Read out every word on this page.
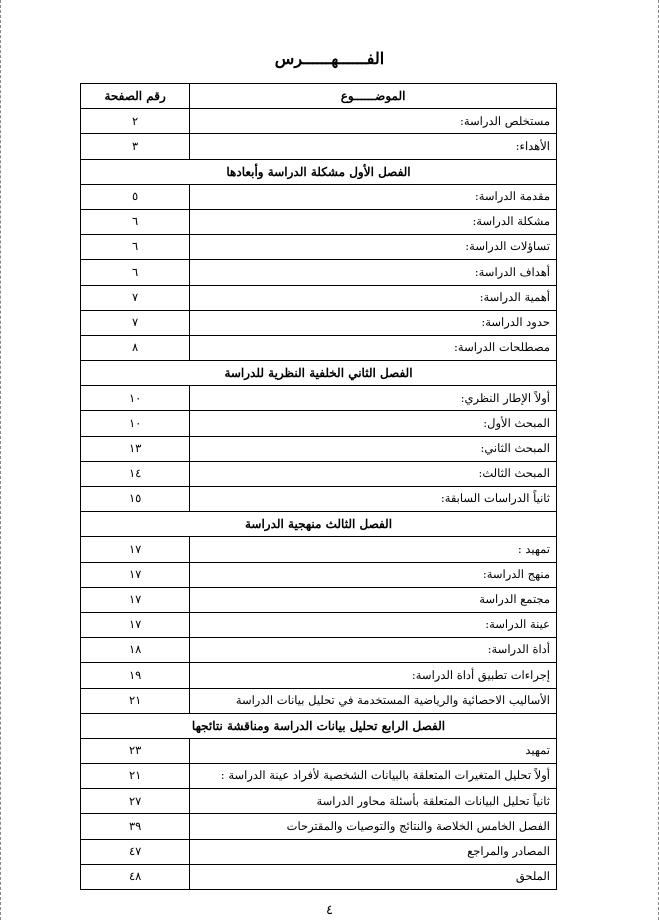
الفــــــهــــــرس
الموضــــــوع	رقم الصفحة
مستخلص الدراسة:	٢
الأهداء:	٣
الفصل الأول مشكلة الدراسة وأبعادها	
مقدمة الدراسة:	٥
مشكلة الدراسة:	٦
تساؤلات الدراسة:	٦
أهداف الدراسة:	٦
أهمية الدراسة:	٧
حدود الدراسة:	٧
مصطلحات الدراسة:	٨
الفصل الثاني الخلفية النظرية للدراسة	
أولاً الإطار النظري:	١٠
المبحث الأول:	١٠
المبحث الثاني:	١٣
المبحث الثالث:	١٤
ثانياً الدراسات السابقة:	١٥
الفصل الثالث منهجية الدراسة	
تمهيد :	١٧
منهج الدراسة:	١٧
مجتمع الدراسة	١٧
عينة الدراسة:	١٧
أداة الدراسة:	١٨
إجراءات تطبيق أداة الدراسة:	١٩
الأساليب الاحصائية والرياضية المستخدمة في تحليل بيانات الدراسة	٢١
الفصل الرابع تحليل بيانات الدراسة ومناقشة نتائجها	
تمهيد	٢٣
أولاً تحليل المتغيرات المتعلقة بالبيانات الشخصية لأفراد عينة الدراسة :	٢١
ثانياً تحليل البيانات المتعلقة بأسئلة محاور الدراسة	٢٧
الفصل الخامس الخلاصة والنتائج والتوصيات والمقترحات	٣٩
المصادر والمراجع	٤٧
الملحق	٤٨
٤
